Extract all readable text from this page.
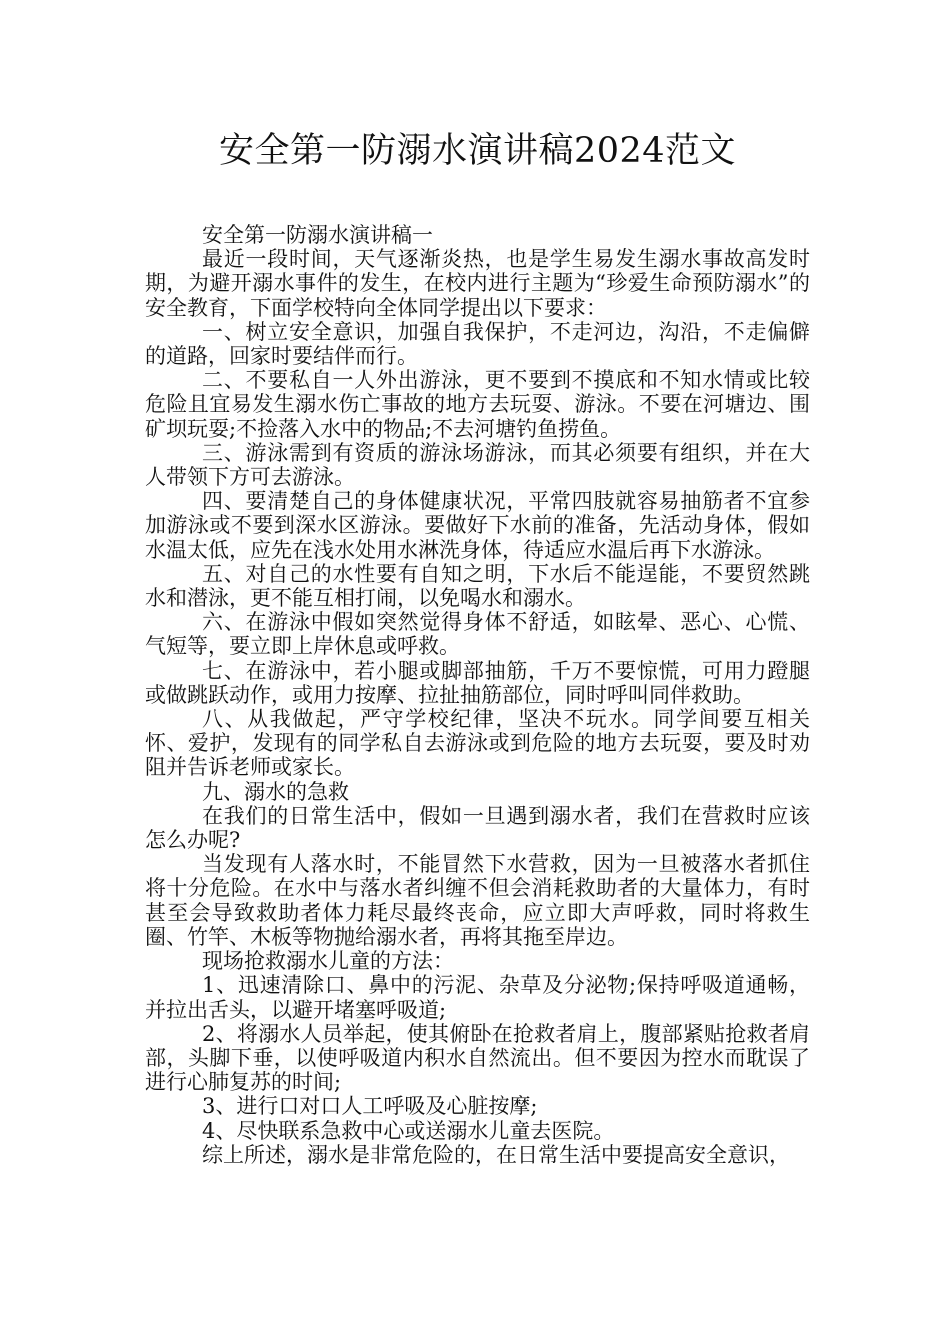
安全第一防溺水演讲稿2024范文

安全第一防溺水演讲稿一

最近一段时间，天气逐渐炎热，也是学生易发生溺水事故高发时期，为避开溺水事件的发生，在校内进行主题为“珍爱生命预防溺水”的安全教育，下面学校特向全体同学提出以下要求：

一、树立安全意识，加强自我保护，不走河边，沟沿，不走偏僻的道路，回家时要结伴而行。

二、不要私自一人外出游泳，更不要到不摸底和不知水情或比较危险且宜易发生溺水伤亡事故的地方去玩耍、游泳。不要在河塘边、围矿坝玩耍;不捡落入水中的物品;不去河塘钓鱼捞鱼。

三、游泳需到有资质的游泳场游泳，而其必须要有组织，并在大人带领下方可去游泳。

四、要清楚自己的身体健康状况，平常四肢就容易抽筋者不宜参加游泳或不要到深水区游泳。要做好下水前的准备，先活动身体，假如水温太低，应先在浅水处用水淋洗身体，待适应水温后再下水游泳。

五、对自己的水性要有自知之明，下水后不能逞能，不要贸然跳水和潜泳，更不能互相打闹，以免喝水和溺水。

六、在游泳中假如突然觉得身体不舒适，如眩晕、恶心、心慌、气短等，要立即上岸休息或呼救。

七、在游泳中，若小腿或脚部抽筋，千万不要惊慌，可用力蹬腿或做跳跃动作，或用力按摩、拉扯抽筋部位，同时呼叫同伴救助。

八、从我做起，严守学校纪律，坚决不玩水。同学间要互相关怀、爱护，发现有的同学私自去游泳或到危险的地方去玩耍，要及时劝阻并告诉老师或家长。

九、溺水的急救

在我们的日常生活中，假如一旦遇到溺水者，我们在营救时应该怎么办呢?

当发现有人落水时，不能冒然下水营救，因为一旦被落水者抓住将十分危险。在水中与落水者纠缠不但会消耗救助者的大量体力，有时甚至会导致救助者体力耗尽最终丧命，应立即大声呼救，同时将救生圈、竹竿、木板等物抛给溺水者，再将其拖至岸边。

现场抢救溺水儿童的方法：

1、迅速清除口、鼻中的污泥、杂草及分泌物;保持呼吸道通畅，并拉出舌头，以避开堵塞呼吸道;

2、将溺水人员举起，使其俯卧在抢救者肩上，腹部紧贴抢救者肩部，头脚下垂，以使呼吸道内积水自然流出。但不要因为控水而耽误了进行心肺复苏的时间;

3、进行口对口人工呼吸及心脏按摩;

4、尽快联系急救中心或送溺水儿童去医院。

综上所述，溺水是非常危险的，在日常生活中要提高安全意识，
